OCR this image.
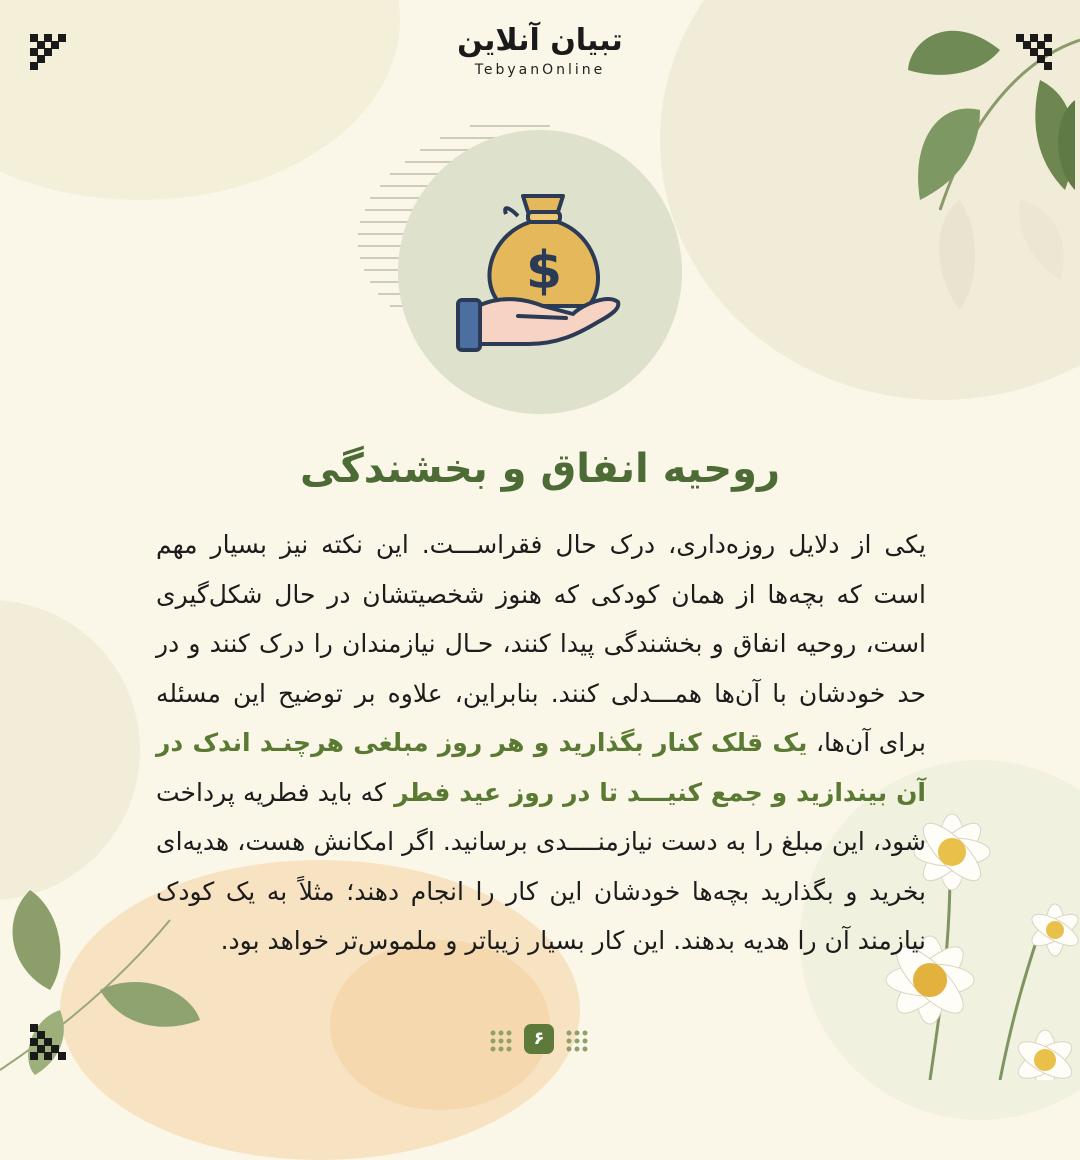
تبیان آنلاین
TebyanOnline
$
روحیه انفاق و بخشندگی
یکی از دلایل روزه‌داری، درک حال فقراســـت. این نکته نیز بسیار مهم است که بچه‌ها از همان کودکی که هنوز شخصیتشان در حال شکل‌گیری است، روحیه انفاق و بخشندگی پیدا کنند، حـال نیازمندان را درک کنند و در حد خودشان با آن‌ها همـــدلی کنند. بنابراین، علاوه بر توضیح این مسئله برای آن‌ها، یک قلک کنار بگذارید و هر روز مبلغی هرچنـد اندک در آن بیندازید و جمع کنیـــد تا در روز عید فطر که باید فطریه پرداخت شود، این مبلغ را به دست نیازمنــــدی برسانید. اگر امکانش هست، هدیه‌ای بخرید و بگذارید بچه‌ها خودشان این کار را انجام دهند؛ مثلاً به یک کودک نیازمند آن را هدیه بدهند. این کار بسیار زیباتر و ملموس‌تر خواهد بود.
۶
